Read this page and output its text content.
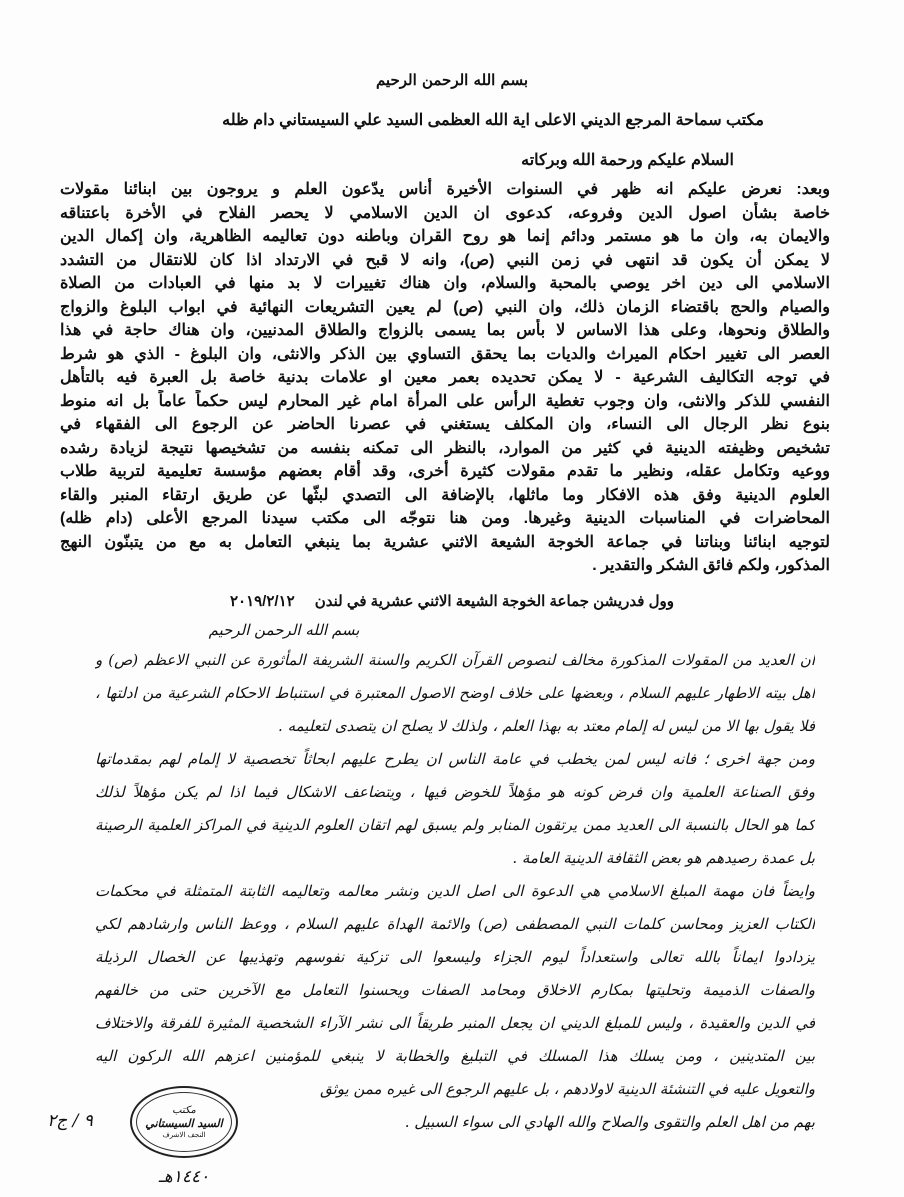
بسم الله الرحمن الرحيم
مكتب سماحة المرجع الديني الاعلى اية الله العظمى السيد علي السيستاني دام ظله
السلام عليكم ورحمة الله وبركاته
وبعد: نعرض عليكم انه ظهر في السنوات الأخيرة أناس يدّعون العلم و يروجون بين ابنائنا مقولات
خاصة بشأن اصول الدين وفروعه، كدعوى ان الدين الاسلامي لا يحصر الفلاح في الأخرة باعتناقه
والايمان به، وان ما هو مستمر ودائم إنما هو روح القران وباطنه دون تعاليمه الظاهرية، وان إكمال الدين
لا يمكن أن يكون قد انتهى في زمن النبي (ص)، وانه لا قبح في الارتداد اذا كان للانتقال من التشدد
الاسلامي الى دين اخر يوصي بالمحبة والسلام، وان هناك تغييرات لا بد منها في العبادات من الصلاة
والصيام والحج باقتضاء الزمان ذلك، وان النبي (ص) لم يعين التشريعات النهائية في ابواب البلوغ والزواج
والطلاق ونحوها، وعلى هذا الاساس لا بأس بما يسمى بالزواج والطلاق المدنيين، وان هناك حاجة في هذا
العصر الى تغيير احكام الميراث والديات بما يحقق التساوي بين الذكر والانثى، وان البلوغ - الذي هو شرط
في توجه التكاليف الشرعية - لا يمكن تحديده بعمر معين او علامات بدنية خاصة بل العبرة فيه بالتأهل
النفسي للذكر والانثى، وان وجوب تغطية الرأس على المرأة امام غير المحارم ليس حكماً عاماً بل انه منوط
بنوع نظر الرجال الى النساء، وان المكلف يستغني في عصرنا الحاضر عن الرجوع الى الفقهاء في
تشخيص وظيفته الدينية في كثير من الموارد، بالنظر الى تمكنه بنفسه من تشخيصها نتيجة لزيادة رشده
ووعيه وتكامل عقله، ونظير ما تقدم مقولات كثيرة أخرى، وقد أقام بعضهم مؤسسة تعليمية لتربية طلاب
العلوم الدينية وفق هذه الافكار وما ماثلها، بالإضافة الى التصدي لبثّها عن طريق ارتقاء المنبر والقاء
المحاضرات في المناسبات الدينية وغيرها. ومن هنا نتوجّه الى مكتب سيدنا المرجع الأعلى (دام ظله)
لتوجيه ابنائنا وبناتنا في جماعة الخوجة الشيعة الاثني عشرية بما ينبغي التعامل به مع من يتبنّون النهج
المذكور، ولكم فائق الشكر والتقدير .
وول فدريشن جماعة الخوجة الشيعة الاثني عشرية في لندن
٢٠١٩/٢/١٢
بسم الله الرحمن الرحيم
ان العديد من المقولات المذكورة مخالف لنصوص القرآن الكريم والسنة الشريفة المأثورة عن النبي الاعظم (ص) و
اهل بيته الاطهار عليهم السلام ، وبعضها على خلاف اوضح الاصول المعتبرة في استنباط الاحكام الشرعية من ادلتها ،
فلا يقول بها الا من ليس له إلمام معتد به بهذا العلم ، ولذلك لا يصلح ان يتصدى لتعليمه .
ومن جهة اخرى ؛ فانه ليس لمن يخطب في عامة الناس ان يطرح عليهم ابحاثاً تخصصية لا إلمام لهم بمقدماتها
وفق الصناعة العلمية وان فرض كونه هو مؤهلاً للخوض فيها ، ويتضاعف الاشكال فيما اذا لم يكن مؤهلاً لذلك
كما هو الحال بالنسبة الى العديد ممن يرتقون المنابر ولم يسبق لهم اتقان العلوم الدينية في المراكز العلمية الرصينة
بل عمدة رصيدهم هو بعض الثقافة الدينية العامة .
وايضاً فان مهمة المبلغ الاسلامي هي الدعوة الى اصل الدين ونشر معالمه وتعاليمه الثابتة المتمثلة في محكمات
الكتاب العزيز ومحاسن كلمات النبي المصطفى (ص) والائمة الهداة عليهم السلام ، ووعظ الناس وارشادهم لكي
يزدادوا ايماناً بالله تعالى واستعداداً ليوم الجزاء وليسعوا الى تزكية نفوسهم وتهذيبها عن الخصال الرذيلة
والصفات الذميمة وتحليتها بمكارم الاخلاق ومحامد الصفات ويحسنوا التعامل مع الآخرين حتى من خالفهم
في الدين والعقيدة ، وليس للمبلغ الديني ان يجعل المنبر طريقاً الى نشر الآراء الشخصية المثيرة للفرقة والاختلاف
بين المتدينين ، ومن يسلك هذا المسلك في التبليغ والخطابة لا ينبغي للمؤمنين اعزهم الله الركون اليه
والتعويل عليه في التنشئة الدينية لاولادهم ، بل عليهم الرجوع الى غيره ممن يوثق
بهم من اهل العلم والتقوى والصلاح والله الهادي الى سواء السبيل .
مكتب
السيد السيستاني
النجف الاشرف
٩ / ج٢
١٤٤٠هـ
